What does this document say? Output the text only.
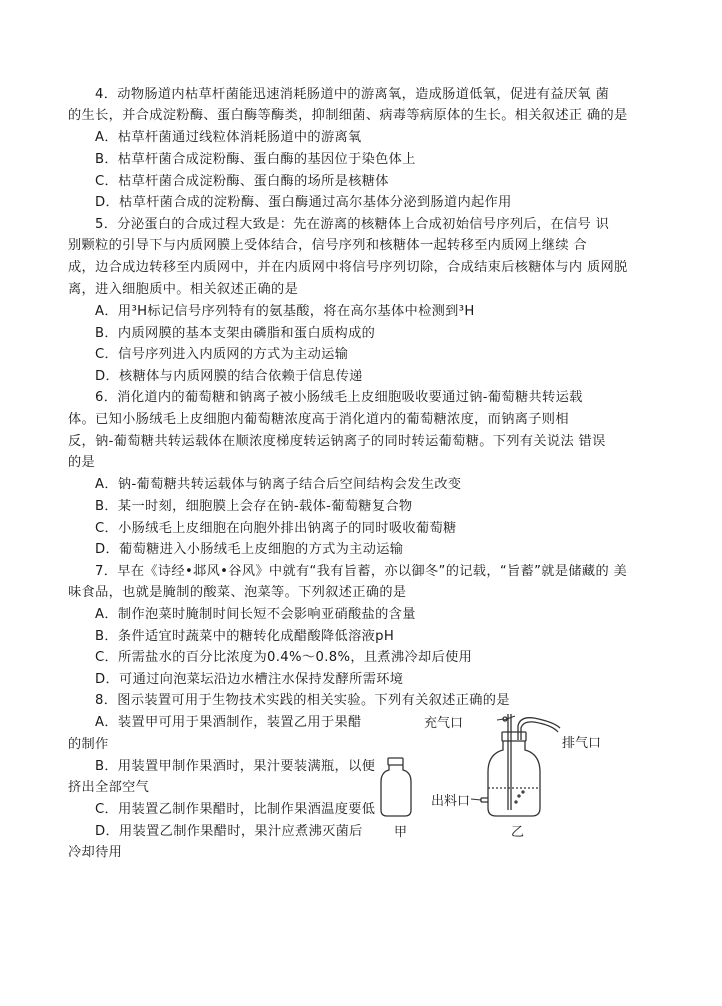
4．动物肠道内枯草杆菌能迅速消耗肠道中的游离氧，造成肠道低氧，促进有益厌氧 菌
的生长，并合成淀粉酶、蛋白酶等酶类，抑制细菌、病毒等病原体的生长。相关叙述正 确的是
A．枯草杆菌通过线粒体消耗肠道中的游离氧
B．枯草杆菌合成淀粉酶、蛋白酶的基因位于染色体上
C．枯草杆菌合成淀粉酶、蛋白酶的场所是核糖体
D．枯草杆菌合成的淀粉酶、蛋白酶通过高尔基体分泌到肠道内起作用
5．分泌蛋白的合成过程大致是：先在游离的核糖体上合成初始信号序列后，在信号 识
别颗粒的引导下与内质网膜上受体结合，信号序列和核糖体一起转移至内质网上继续 合
成，边合成边转移至内质网中，并在内质网中将信号序列切除，合成结束后核糖体与内 质网脱
离，进入细胞质中。相关叙述正确的是
A．用³H标记信号序列特有的氨基酸，将在高尔基体中检测到³H
B．内质网膜的基本支架由磷脂和蛋白质构成的
C．信号序列进入内质网的方式为主动运输
D．核糖体与内质网膜的结合依赖于信息传递
6．消化道内的葡萄糖和钠离子被小肠绒毛上皮细胞吸收要通过钠-葡萄糖共转运载
体。已知小肠绒毛上皮细胞内葡萄糖浓度高于消化道内的葡萄糖浓度，而钠离子则相
反，钠-葡萄糖共转运载体在顺浓度梯度转运钠离子的同时转运葡萄糖。下列有关说法 错误
的是
A．钠-葡萄糖共转运载体与钠离子结合后空间结构会发生改变
B．某一时刻，细胞膜上会存在钠-载体-葡萄糖复合物
C．小肠绒毛上皮细胞在向胞外排出钠离子的同时吸收葡萄糖
D．葡萄糖进入小肠绒毛上皮细胞的方式为主动运输
7．早在《诗经•邶风•谷风》中就有“我有旨蓄，亦以御冬”的记载，“旨蓄”就是储藏的 美
味食品，也就是腌制的酸菜、泡菜等。下列叙述正确的是
A．制作泡菜时腌制时间长短不会影响亚硝酸盐的含量
B．条件适宜时蔬菜中的糖转化成醋酸降低溶液pH
C．所需盐水的百分比浓度为0.4%～0.8%，且煮沸冷却后使用
D．可通过向泡菜坛沿边水槽注水保持发酵所需环境
8．图示装置可用于生物技术实践的相关实验。下列有关叙述正确的是
A．装置甲可用于果酒制作，装置乙用于果醋
的制作
B．用装置甲制作果酒时，果汁要装满瓶，以便
挤出全部空气
C．用装置乙制作果醋时，比制作果酒温度要低
D．用装置乙制作果醋时，果汁应煮沸灭菌后
冷却待用
充气口
排气口
出料口
甲	乙
